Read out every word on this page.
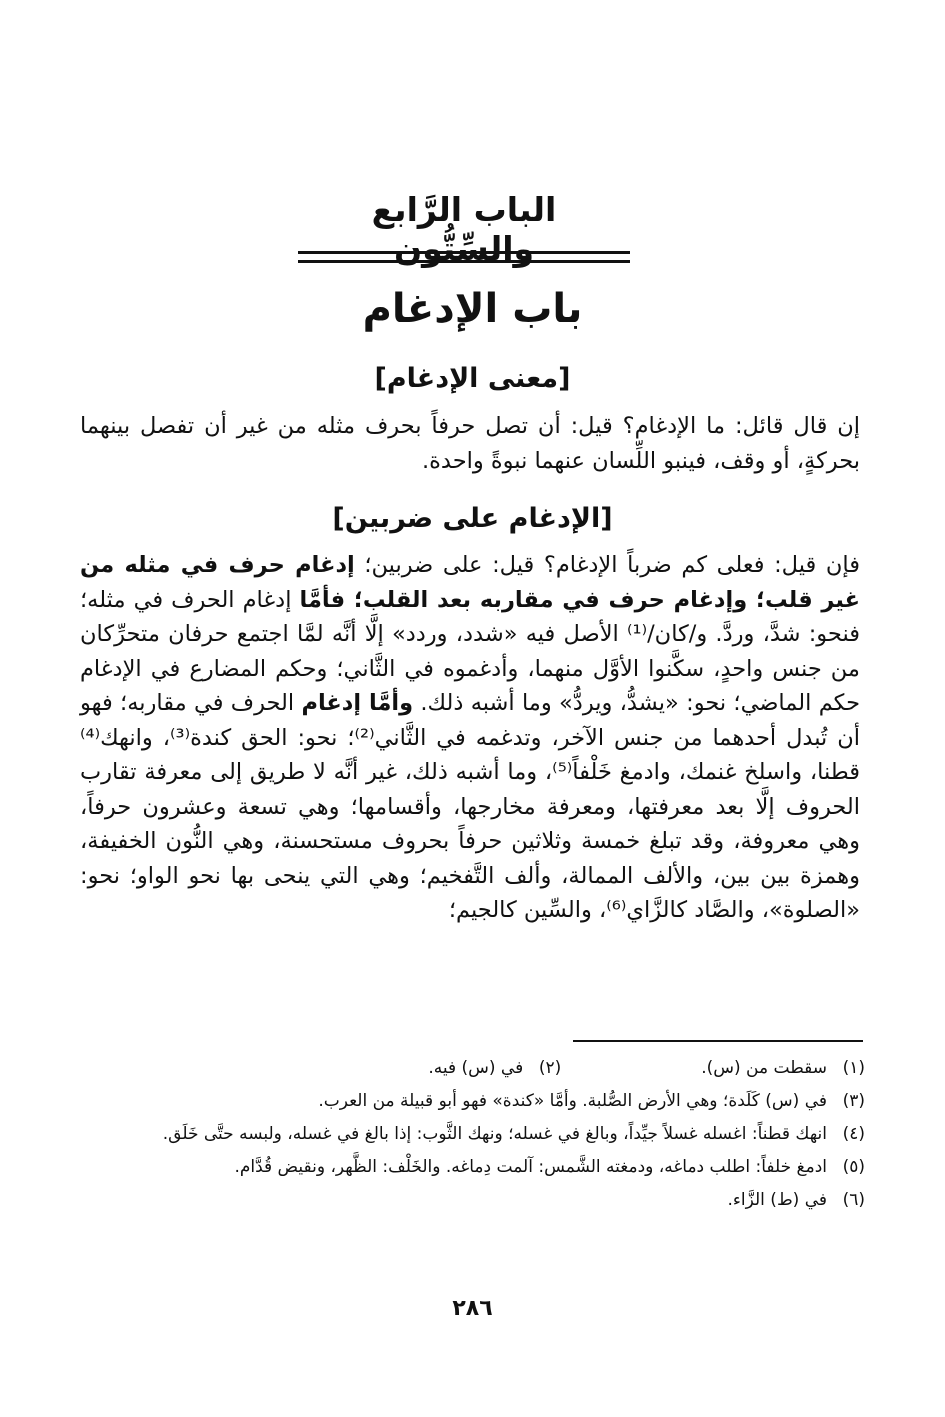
الباب الرَّابع والسِّتُّون
باب الإدغام
[معنى الإدغام]

إن قال قائل: ما الإدغام؟ قيل: أن تصل حرفاً بحرف مثله من غير أن تفصل بينهما بحركةٍ، أو وقف، فينبو اللِّسان عنهما نبوةً واحدة.

[الإدغام على ضربين]

فإن قيل: فعلى كم ضرباً الإدغام؟ قيل: على ضربين؛ إدغام حرف في مثله من غير قلب؛ وإدغام حرف في مقاربه بعد القلب؛ فأمَّا إدغام الحرف في مثله؛ فنحو: شدَّ، وردَّ. و/كان/⁽¹⁾ الأصل فيه «شدد، وردد» إلَّا أنَّه لمَّا اجتمع حرفان متحرِّكان من جنس واحدٍ، سكَّنوا الأوَّل منهما، وأدغموه في الثَّاني؛ وحكم المضارع في الإدغام حكم الماضي؛ نحو: «يشدُّ، ويردُّ» وما أشبه ذلك. وأمَّا إدغام الحرف في مقاربه؛ فهو أن تُبدل أحدهما من جنس الآخر، وتدغمه في الثَّاني⁽²⁾؛ نحو: الحق كندة⁽³⁾، وانهك⁽⁴⁾ قطنا، واسلخ غنمك، وادمغ خَلْفاً⁽⁵⁾، وما أشبه ذلك، غير أنَّه لا طريق إلى معرفة تقارب الحروف إلَّا بعد معرفتها، ومعرفة مخارجها، وأقسامها؛ وهي تسعة وعشرون حرفاً، وهي معروفة، وقد تبلغ خمسة وثلاثين حرفاً بحروف مستحسنة، وهي النُّون الخفيفة، وهمزة بين بين، والألف الممالة، وألف التَّفخيم؛ وهي التي ينحى بها نحو الواو؛ نحو: «الصلوة»، والصَّاد كالزَّاي⁽⁶⁾، والسِّين كالجيم؛

(١)
سقطت من (س).
(٢)
في (س) فيه.
(٣)
في (س) كَلَدة؛ وهي الأرض الصُّلبة. وأمَّا «كندة» فهو أبو قبيلة من العرب.
(٤)
انهك قطناً: اغسله غسلاً جيِّداً، وبالغ في غسله؛ ونهك الثَّوب: إذا بالغ في غسله، ولبسه حتَّى خَلَق.
(٥)
ادمغ خلفاً: اطلب دماغه، ودمغته الشَّمس: آلمت دِماغه. والخَلْف: الظَّهر، ونقيض قُدَّام.
(٦)
في (ط) الزَّاء.
٢٨٦
